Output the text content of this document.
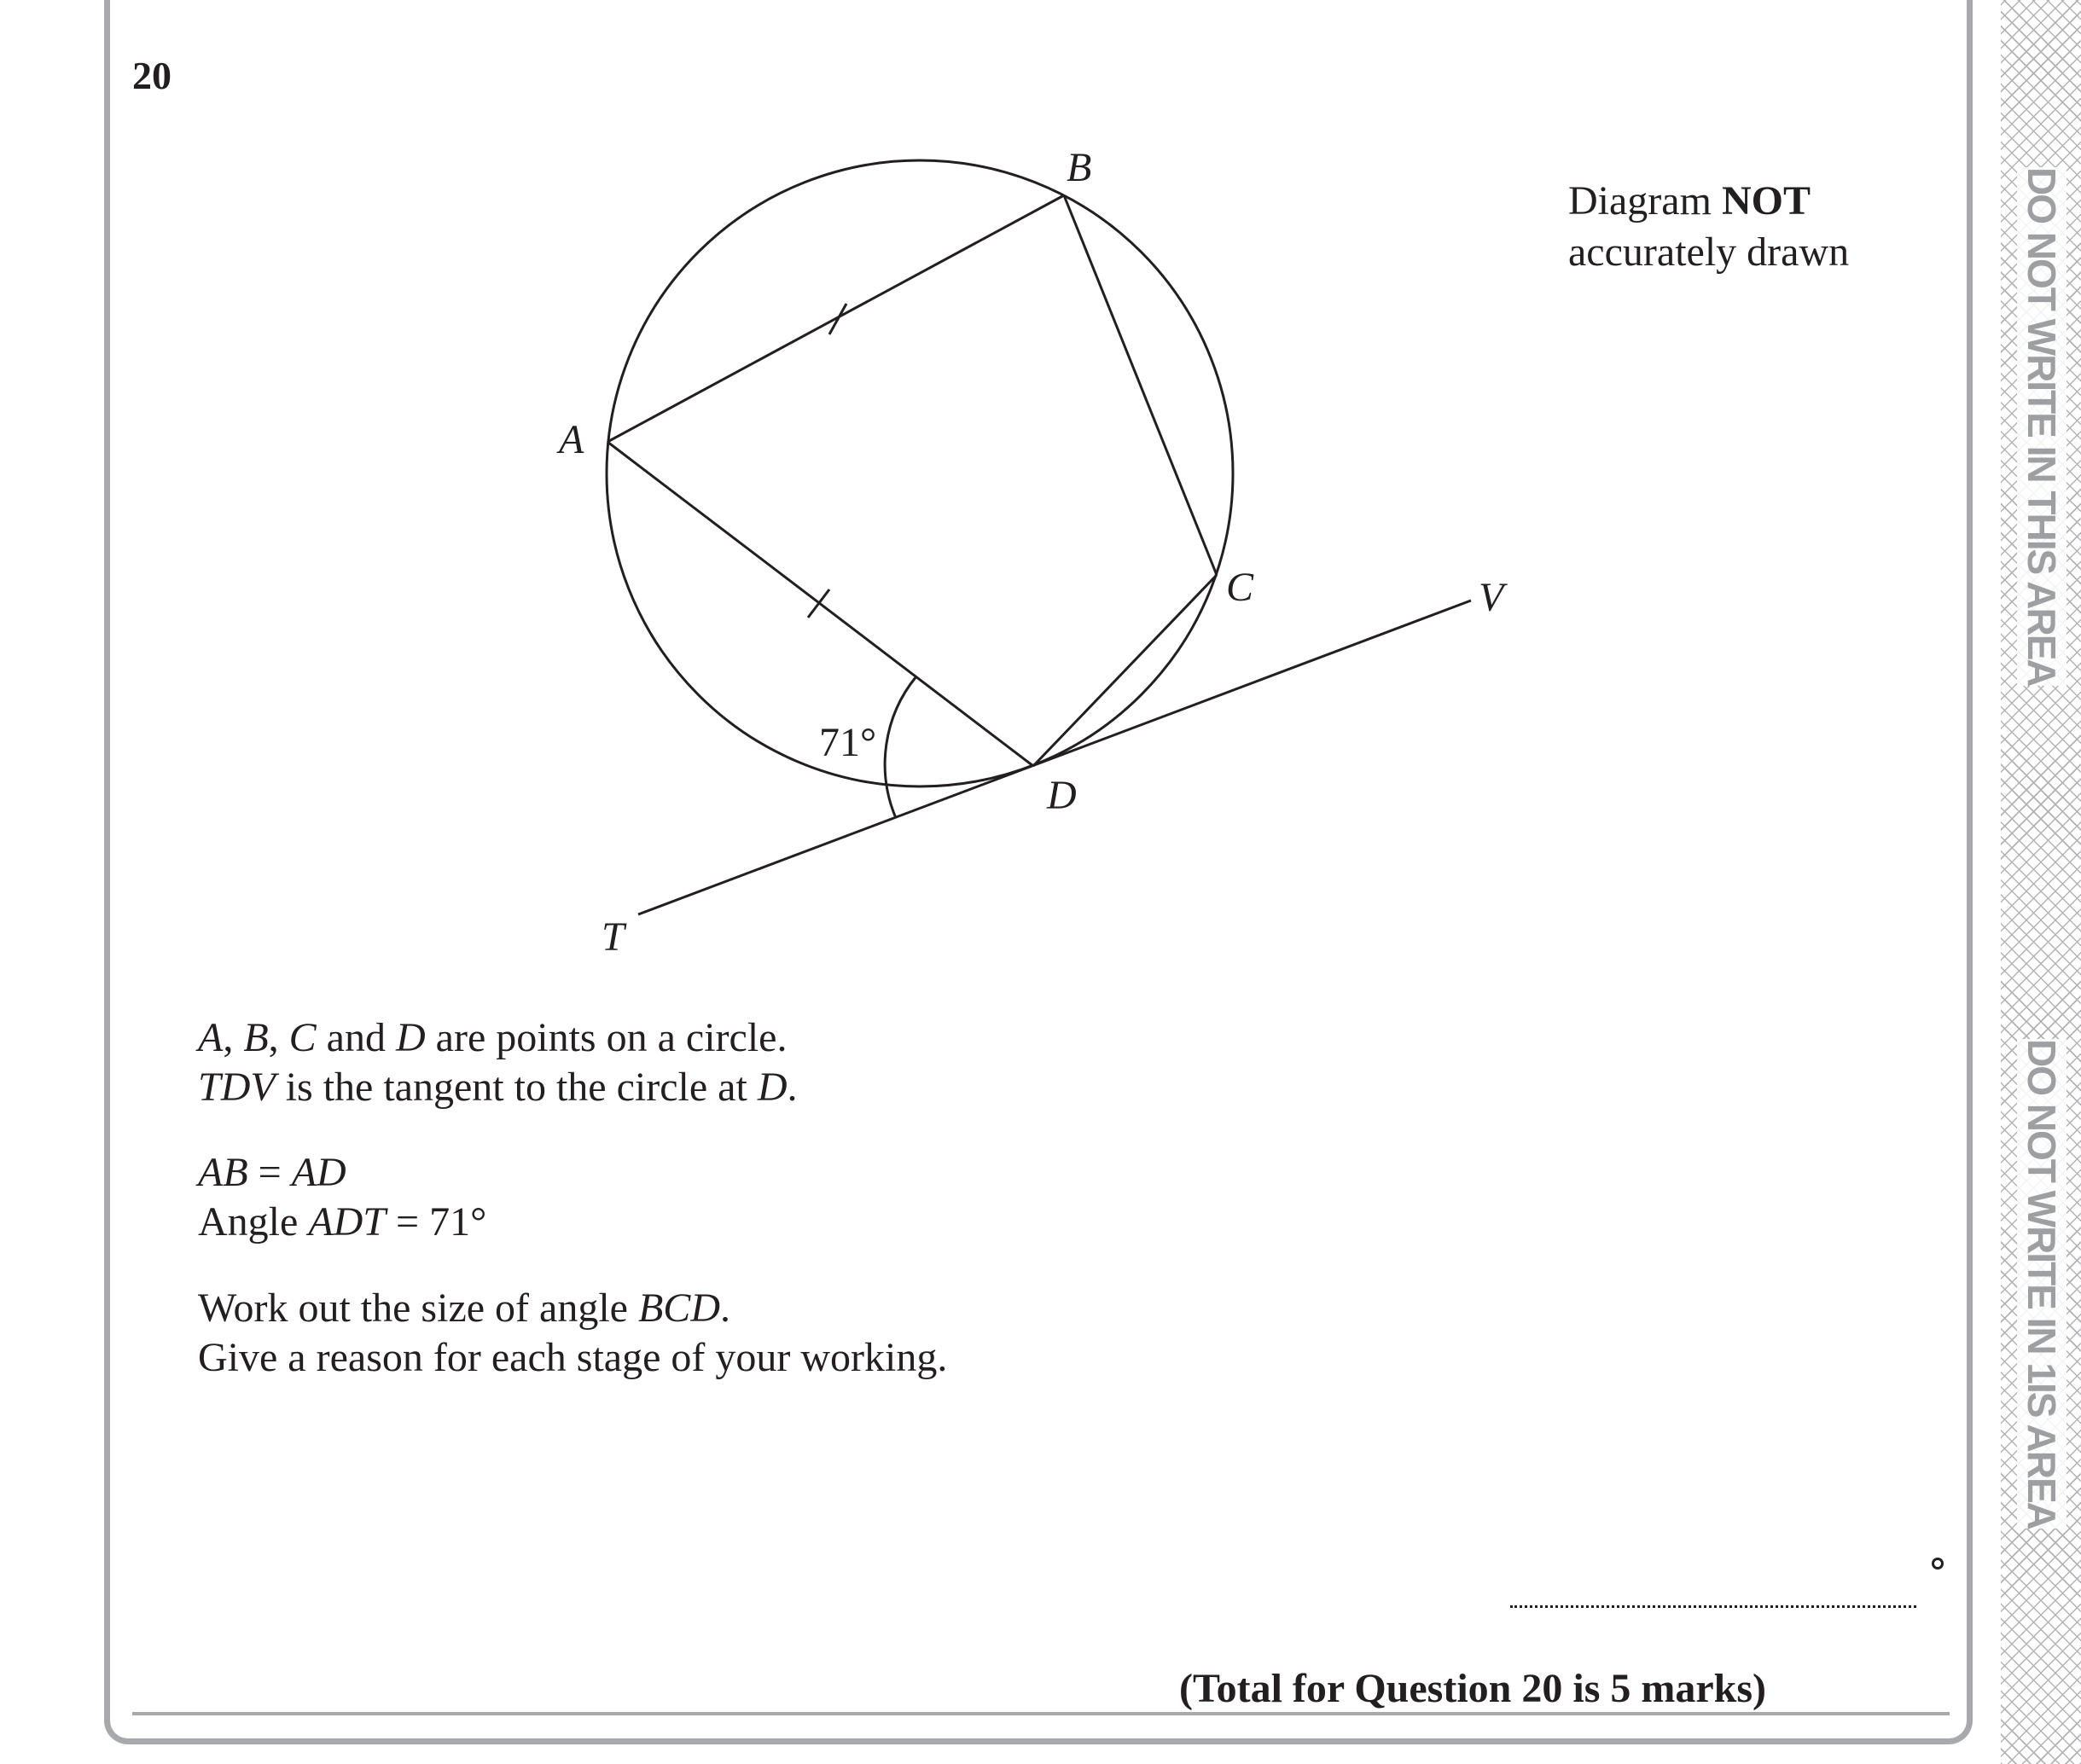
DO NOT WRITE IN THIS AREA
DO NOT WRITE IN 1IS AREA
20
Diagram NOT
accurately drawn
A
B
C
D
T
V
71°
A, B, C and D are points on a circle.
TDV is the tangent to the circle at D.
AB = AD
Angle ADT = 71°
Work out the size of angle BCD.
Give a reason for each stage of your working.
(Total for Question 20 is 5 marks)
